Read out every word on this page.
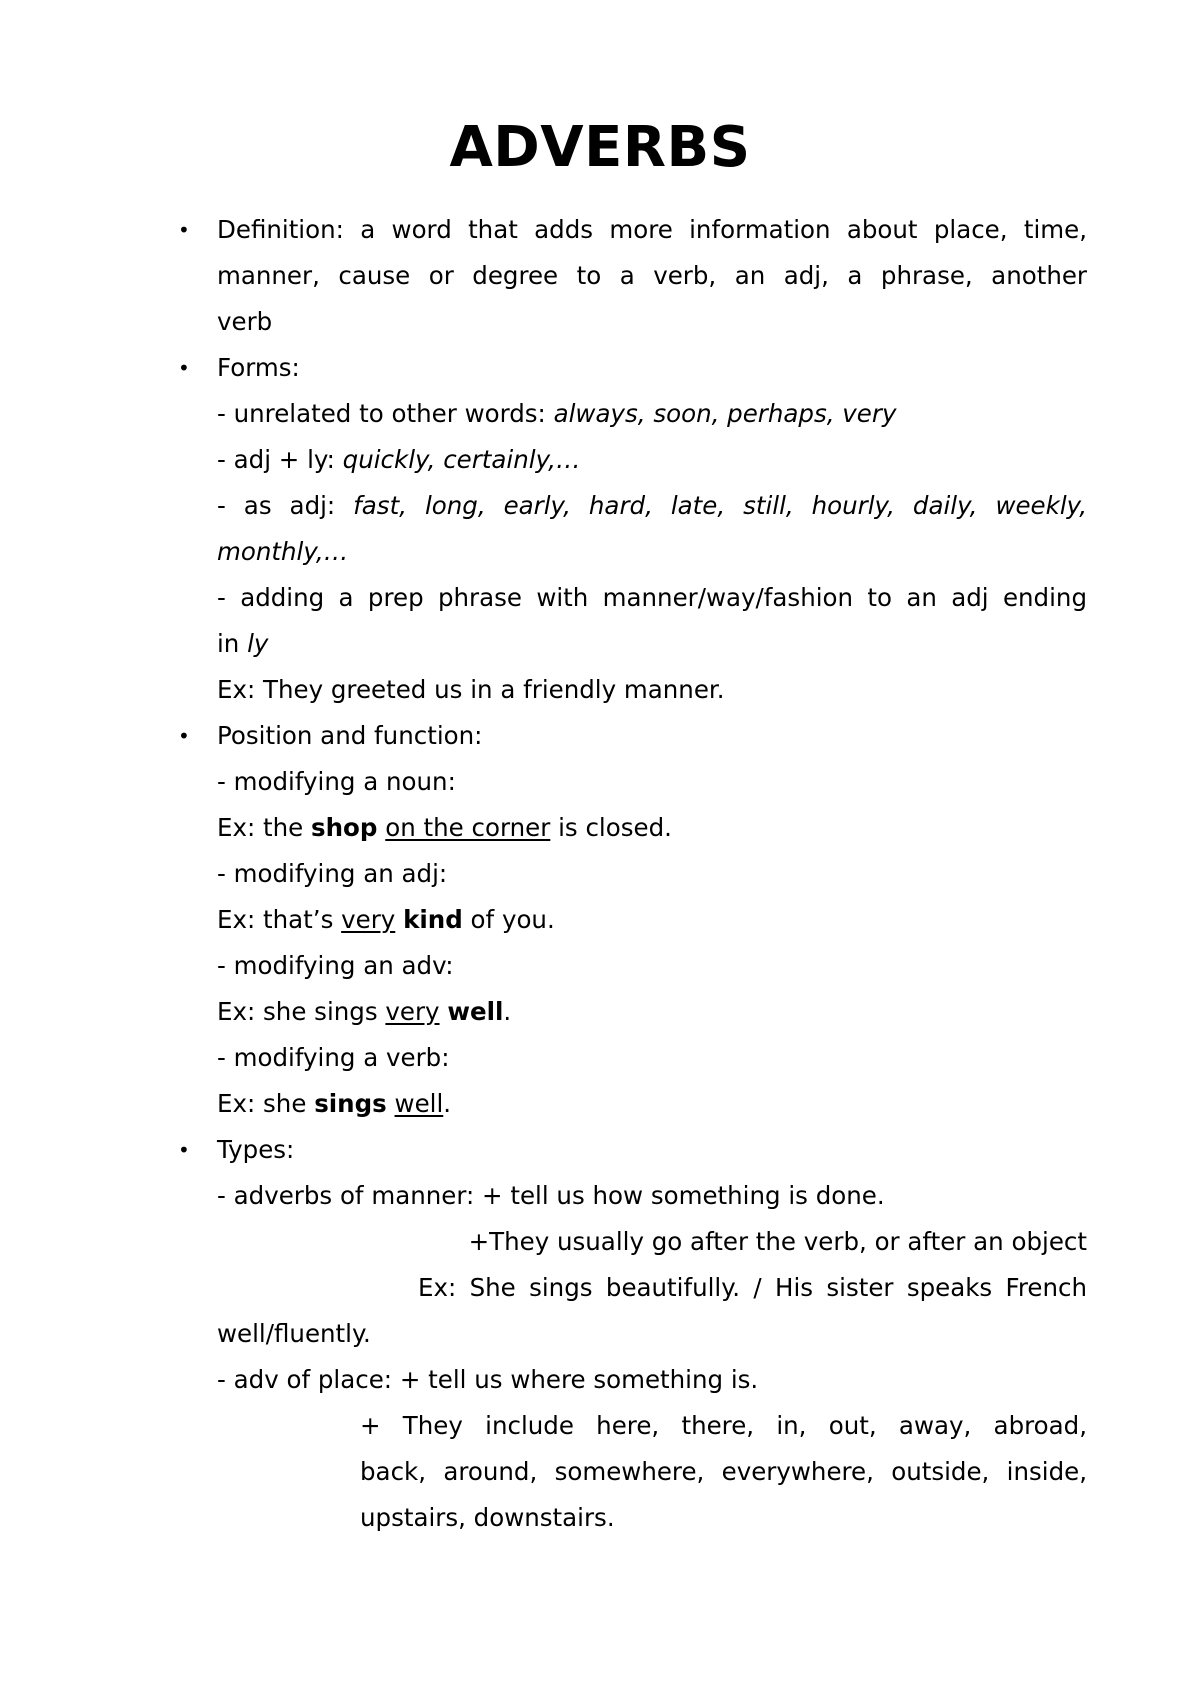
ADVERBS
• Definition: a word that adds more information about place, time,
manner, cause or degree to a verb, an adj, a phrase, another
verb
• Forms:
- unrelated to other words: always, soon, perhaps, very
- adj + ly: quickly, certainly,…
- as adj: fast, long, early, hard, late, still, hourly, daily, weekly,
monthly,…
- adding a prep phrase with manner/way/fashion to an adj ending
in ly
Ex: They greeted us in a friendly manner.
• Position and function:
- modifying a noun:
Ex: the shop on the corner is closed.
- modifying an adj:
Ex: that’s very kind of you.
- modifying an adv:
Ex: she sings very well.
- modifying a verb:
Ex: she sings well.
• Types:
- adverbs of manner: + tell us how something is done.
+They usually go after the verb, or after an object
Ex: She sings beautifully. / His sister speaks French
well/fluently.
- adv of place: + tell us where something is.
+ They include here, there, in, out, away, abroad,
back, around, somewhere, everywhere, outside, inside,
upstairs, downstairs.
